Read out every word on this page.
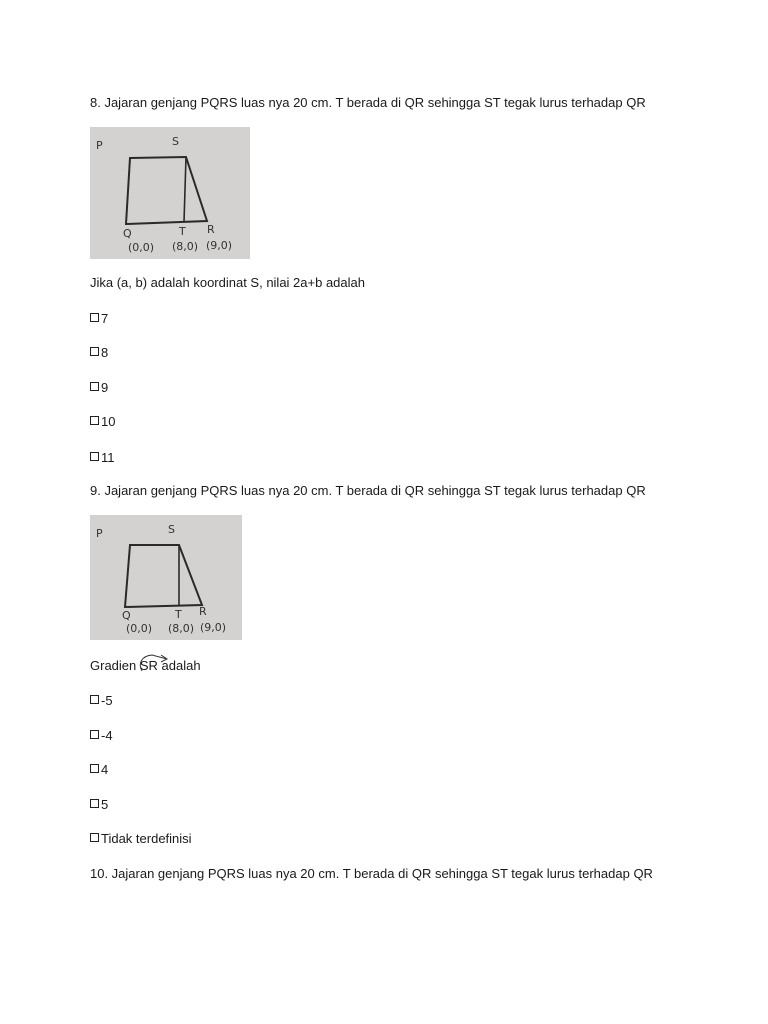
8. Jajaran genjang PQRS luas nya 20 cm. T berada di QR sehingga ST tegak lurus terhadap QR
P	S
Q	T R
(0,0) (8,0) (9,0)
Jika (a, b) adalah koordinat S, nilai 2a+b adalah
7
8
9
10
11
9. Jajaran genjang PQRS luas nya 20 cm. T berada di QR sehingga ST tegak lurus terhadap QR
P	S
Q	T R
(0,0) (8,0) (9,0)
Gradien
SR adalah
-5
-4
4
5
Tidak terdefinisi
10. Jajaran genjang PQRS luas nya 20 cm. T berada di QR sehingga ST tegak lurus terhadap QR
